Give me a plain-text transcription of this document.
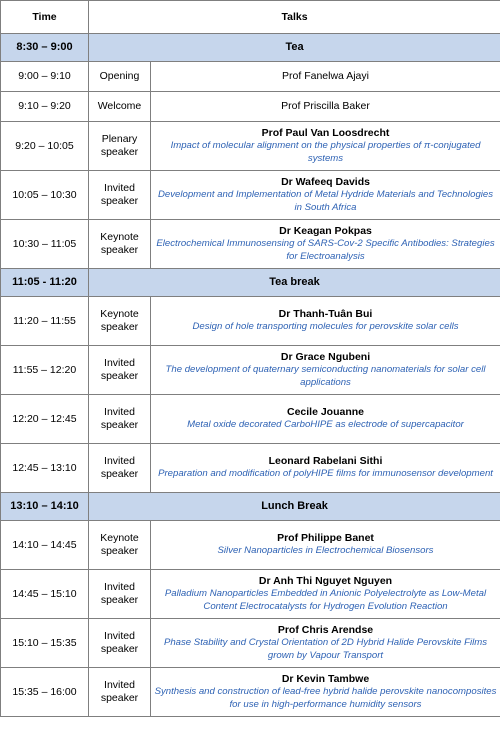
Time	Talks	
8:30 – 9:00	Tea	
9:00 – 9:10	Opening	Prof Fanelwa Ajayi
9:10 – 9:20	Welcome	Prof Priscilla Baker
9:20 – 10:05	Plenary speaker	Prof Paul Van Loosdrecht
Impact of molecular alignment on the physical properties of π-conjugated systems

10:05 – 10:30	Invited speaker	Dr Wafeeq Davids
Development and Implementation of Metal Hydride Materials and Technologies in South Africa

10:30 – 11:05	Keynote speaker	Dr Keagan Pokpas
Electrochemical Immunosensing of SARS-Cov-2 Specific Antibodies: Strategies for Electroanalysis

11:05 - 11:20	Tea break	
11:20 – 11:55	Keynote speaker	Dr Thanh-Tuân Bui
Design of hole transporting molecules for perovskite solar cells

11:55 – 12:20	Invited speaker	Dr Grace Ngubeni
The development of quaternary semiconducting nanomaterials for solar cell applications

12:20 – 12:45	Invited speaker	Cecile Jouanne
Metal oxide decorated CarboHIPE as electrode of supercapacitor

12:45 – 13:10	Invited speaker	Leonard Rabelani Sithi
Preparation and modification of polyHIPE films for immunosensor development

13:10 – 14:10	Lunch Break	
14:10 – 14:45	Keynote speaker	Prof Philippe Banet
Silver Nanoparticles in Electrochemical Biosensors

14:45 – 15:10	Invited speaker	Dr Anh Thi Nguyet Nguyen
Palladium Nanoparticles Embedded in Anionic Polyelectrolyte as Low-Metal Content Electrocatalysts for Hydrogen Evolution Reaction

15:10 – 15:35	Invited speaker	Prof Chris Arendse
Phase Stability and Crystal Orientation of 2D Hybrid Halide Perovskite Films grown by Vapour Transport

15:35 – 16:00	Invited speaker	Dr Kevin Tambwe
Synthesis and construction of lead-free hybrid halide perovskite nanocomposites for use in high-performance humidity sensors
